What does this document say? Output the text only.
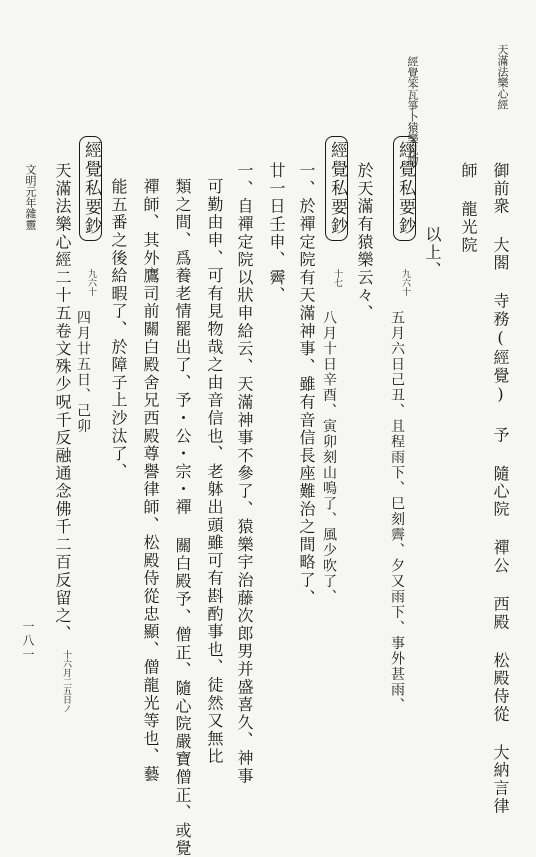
天滿法樂心經
經覺笨瓦箏卜猿樂見物
御前衆 大閤 寺務(經覺) 予 隨心院 禪公 西殿 松殿侍從 大納言律
師 龍光院
以上、
經覺私要鈔 九六十
五月六日己丑、且程雨下、巳刻霽、夕又雨下、事外甚雨、
於天滿有猿樂云々、
經覺私要鈔 十七
八月十日辛酉、寅卯刻山鳴了、風少吹了、
一、於禪定院有天滿神事、雖有音信長座難治之間略了、
廿一日壬申、霽、
一、自禪定院以狀申給云、天滿神事不參了、猿樂宇治藤次郎男并盛喜久、神事
可勤由申、可有見物哉之由音信也、老躰出頭雖可有斟酌事也、徒然又無比
類之間、爲養老情罷出了、予・公・宗・禪 關白殿予、僧正、隨心院嚴寶僧正、或覺
禪師、其外鷹司前關白殿舍兄西殿尊譽律師、松殿侍從忠顯、僧龍光等也、藝
能五番之後給暇了、於障子上沙汰了、
經覺私要鈔 九六十
四月廿五日、己卯
天滿法樂心經二十五卷文殊少呪千反融通念佛千二百反留之、
十六月二五日ノ
文明元年雜靈
一八一
